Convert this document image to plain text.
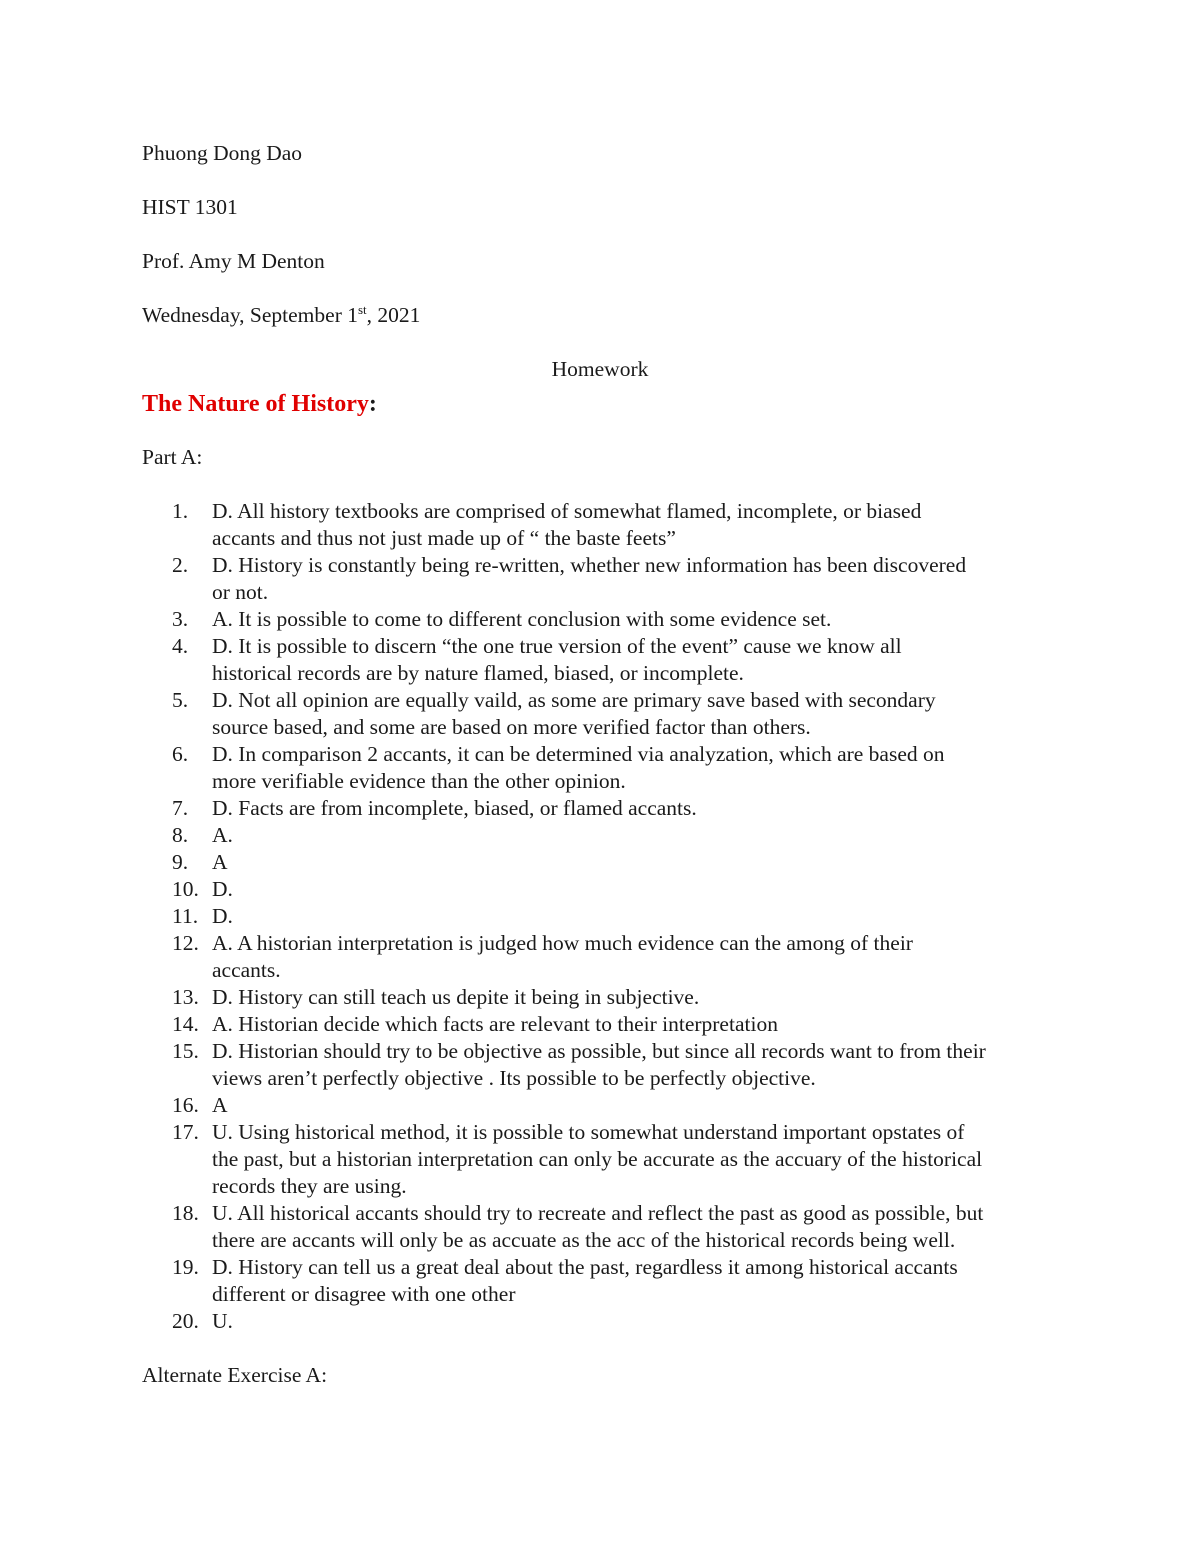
Phuong Dong Dao
HIST 1301
Prof. Amy M Denton
Wednesday, September 1st, 2021
Homework
The Nature of History:
Part A:
1.	D. All history textbooks are comprised of somewhat flamed, incomplete, or biased
accants and thus not just made up of “ the baste feets”
2.	D. History is constantly being re-written, whether new information has been discovered
or not.
3.	A. It is possible to come to different conclusion with some evidence set.
4.	D. It is possible to discern “the one true version of the event” cause we know all
historical records are by nature flamed, biased, or incomplete.
5.	D. Not all opinion are equally vaild, as some are primary save based with secondary
source based, and some are based on more verified factor than others.
6.	D. In comparison 2 accants, it can be determined via analyzation, which are based on
more verifiable evidence than the other opinion.
7.	D. Facts are from incomplete, biased, or flamed accants.
8.	A.
9.	A
10. D.
11. D.
12. A. A historian interpretation is judged how much evidence can the among of their
accants.
13. D. History can still teach us depite it being in subjective.
14. A. Historian decide which facts are relevant to their interpretation
15. D. Historian should try to be objective as possible, but since all records want to from their
views aren’t perfectly objective . Its possible to be perfectly objective.
16. A
17. U. Using historical method, it is possible to somewhat understand important opstates of
the past, but a historian interpretation can only be accurate as the accuary of the historical
records they are using.
18. U. All historical accants should try to recreate and reflect the past as good as possible, but
there are accants will only be as accuate as the acc of the historical records being well.
19. D. History can tell us a great deal about the past, regardless it among historical accants
different or disagree with one other
20. U.
Alternate Exercise A:
